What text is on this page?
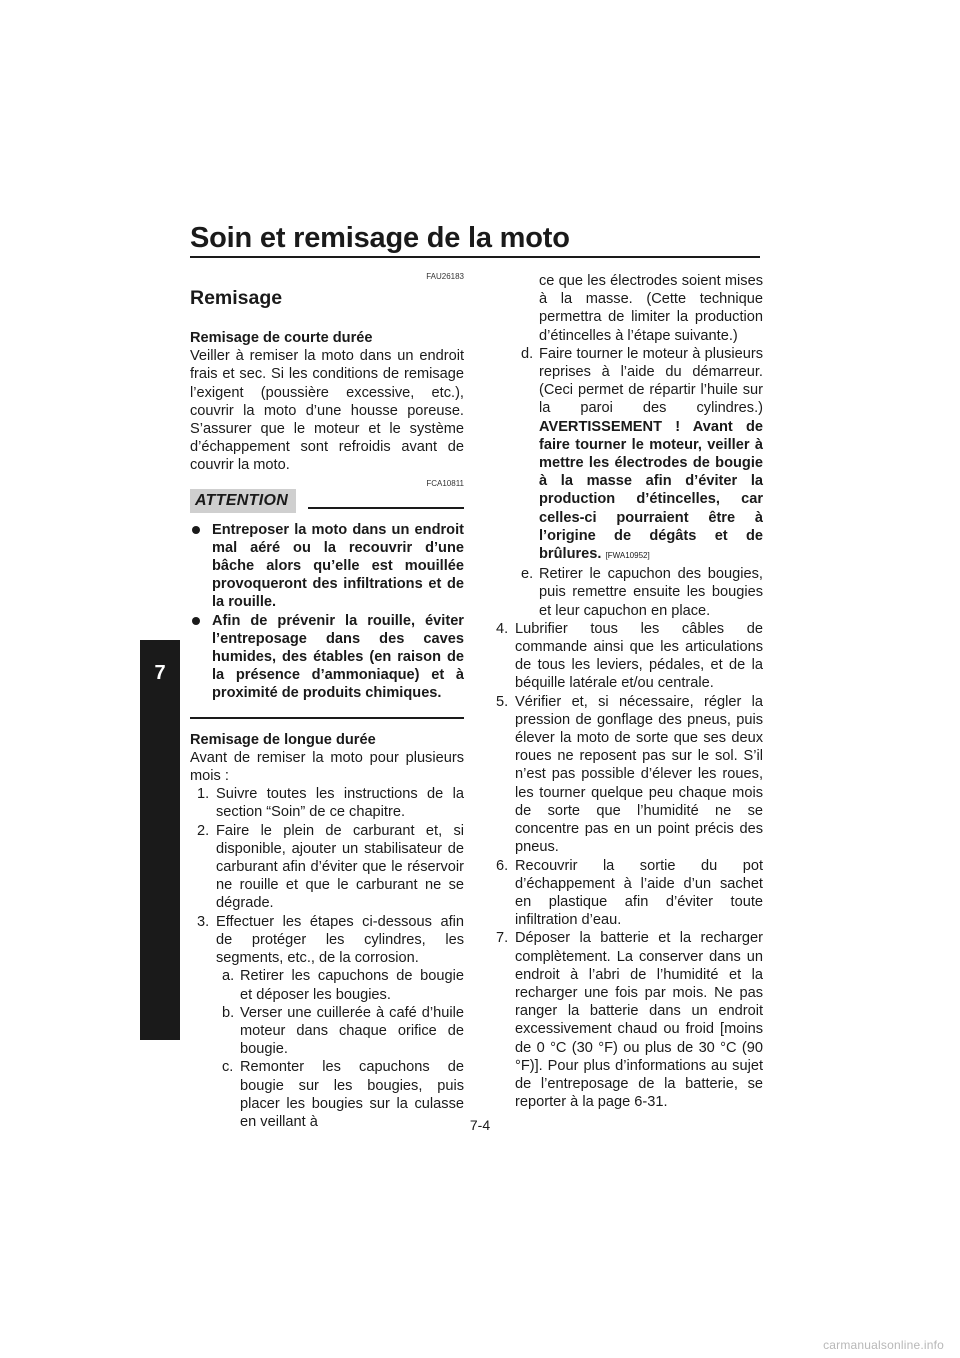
Soin et remisage de la moto
7
FAU26183
Remisage
Remisage de courte durée
Veiller à remiser la moto dans un endroit frais et sec. Si les conditions de remisage l’exigent (poussière excessive, etc.), couvrir la moto d’une housse poreuse. S’assurer que le moteur et le système d’échappement sont refroidis avant de couvrir la moto.
FCA10811
ATTENTION
Entreposer la moto dans un endroit mal aéré ou la recouvrir d’une bâche alors qu’elle est mouillée provoqueront des infiltrations et de la rouille.
Afin de prévenir la rouille, éviter l’entreposage dans des caves humides, des étables (en raison de la présence d’ammoniaque) et à proximité de produits chimiques.
Remisage de longue durée
Avant de remiser la moto pour plusieurs mois :
1. Suivre toutes les instructions de la section “Soin” de ce chapitre.
2. Faire le plein de carburant et, si disponible, ajouter un stabilisateur de carburant afin d’éviter que le réservoir ne rouille et que le carburant ne se dégrade.
3. Effectuer les étapes ci-dessous afin de protéger les cylindres, les segments, etc., de la corrosion.
a. Retirer les capuchons de bougie et déposer les bougies.
b. Verser une cuillerée à café d’huile moteur dans chaque orifice de bougie.
c. Remonter les capuchons de bougie sur les bougies, puis placer les bougies sur la culasse en veillant à
ce que les électrodes soient mises à la masse. (Cette technique permettra de limiter la production d’étincelles à l’étape suivante.)
d. Faire tourner le moteur à plusieurs reprises à l’aide du démarreur. (Ceci permet de répartir l’huile sur la paroi des cylindres.) AVERTISSEMENT ! Avant de faire tourner le moteur, veiller à mettre les électrodes de bougie à la masse afin d’éviter la production d’étincelles, car celles-ci pourraient être à l’origine de dégâts et de brûlures. [FWA10952]
e. Retirer le capuchon des bougies, puis remettre ensuite les bougies et leur capuchon en place.
4. Lubrifier tous les câbles de commande ainsi que les articulations de tous les leviers, pédales, et de la béquille latérale et/ou centrale.
5. Vérifier et, si nécessaire, régler la pression de gonflage des pneus, puis élever la moto de sorte que ses deux roues ne reposent pas sur le sol. S’il n’est pas possible d’élever les roues, les tourner quelque peu chaque mois de sorte que l’humidité ne se concentre pas en un point précis des pneus.
6. Recouvrir la sortie du pot d’échappement à l’aide d’un sachet en plastique afin d’éviter toute infiltration d’eau.
7. Déposer la batterie et la recharger complètement. La conserver dans un endroit à l’abri de l’humidité et la recharger une fois par mois. Ne pas ranger la batterie dans un endroit excessivement chaud ou froid [moins de 0 °C (30 °F) ou plus de 30 °C (90 °F)]. Pour plus d’informations au sujet de l’entreposage de la batterie, se reporter à la page 6-31.
7-4
carmanualsonline.info
